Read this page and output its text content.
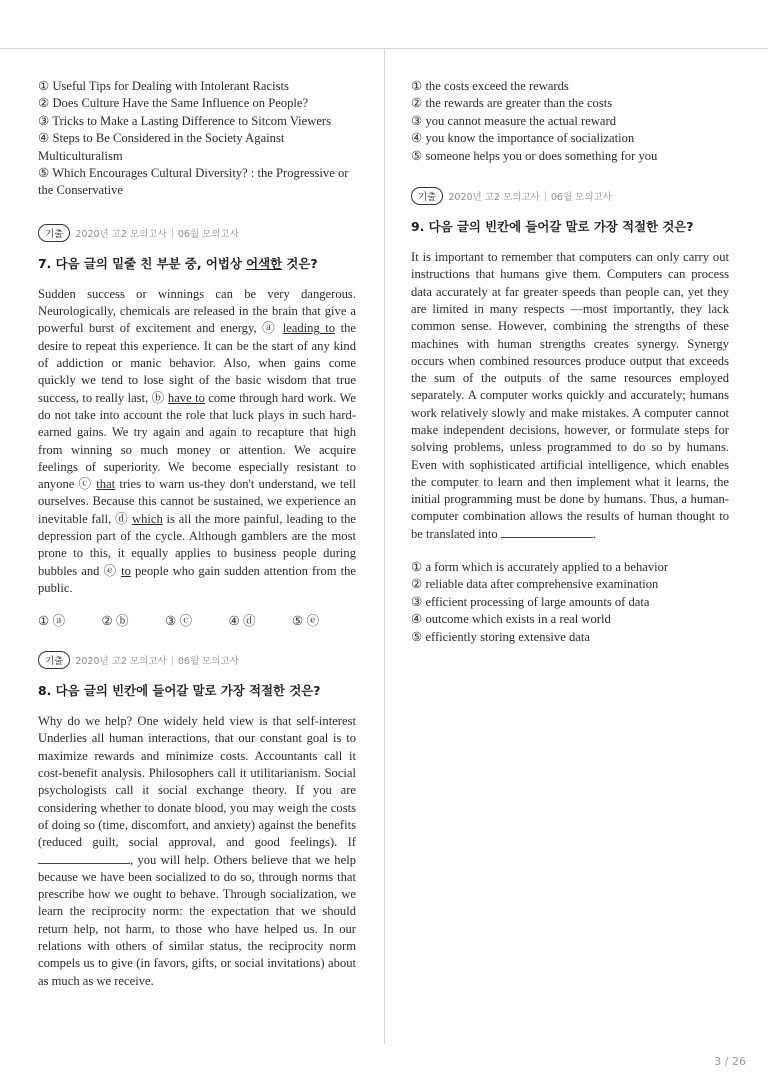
① Useful Tips for Dealing with Intolerant Racists

② Does Culture Have the Same Influence on People?

③ Tricks to Make a Lasting Difference to Sitcom Viewers

④ Steps to Be Considered in the Society Against Multiculturalism

⑤ Which Encourages Cultural Diversity? : the Progressive or the Conservative

기출	2020년 고2 모의고사 | 06월 모의고사
7. 다음 글의 밑줄 친 부분 중, 어법상 어색한 것은?

Sudden success or winnings can be very dangerous. Neurologically, chemicals are released in the brain that give a powerful burst of excitement and energy, ⓐ leading to the desire to repeat this experience. It can be the start of any kind of addiction or manic behavior. Also, when gains come quickly we tend to lose sight of the basic wisdom that true success, to really last, ⓑ have to come through hard work. We do not take into account the role that luck plays in such hard-earned gains. We try again and again to recapture that high from winning so much money or attention. We acquire feelings of superiority. We become especially resistant to anyone ⓒ that tries to warn us-they don't understand, we tell ourselves. Because this cannot be sustained, we experience an inevitable fall, ⓓ which is all the more painful, leading to the depression part of the cycle. Although gamblers are the most prone to this, it equally applies to business people during bubbles and ⓔ to people who gain sudden attention from the public.

① ⓐ	② ⓑ	③ ⓒ	④ ⓓ	⑤ ⓔ
기출	2020년 고2 모의고사 | 06월 모의고사
8. 다음 글의 빈칸에 들어갈 말로 가장 적절한 것은?

Why do we help? One widely held view is that self-interest Underlies all human interactions, that our constant goal is to maximize rewards and minimize costs. Accountants call it cost-benefit analysis. Philosophers call it utilitarianism. Social psychologists call it social exchange theory. If you are considering whether to donate blood, you may weigh the costs of doing so (time, discomfort, and anxiety) against the benefits (reduced guilt, social approval, and good feelings). If , you will help. Others believe that we help because we have been socialized to do so, through norms that prescribe how we ought to behave. Through socialization, we learn the reciprocity norm: the expectation that we should return help, not harm, to those who have helped us. In our relations with others of similar status, the reciprocity norm compels us to give (in favors, gifts, or social invitations) about as much as we receive.

① the costs exceed the rewards

② the rewards are greater than the costs

③ you cannot measure the actual reward

④ you know the importance of socialization

⑤ someone helps you or does something for you

기출	2020년 고2 모의고사 | 06월 모의고사
9. 다음 글의 빈칸에 들어갈 말로 가장 적절한 것은?

It is important to remember that computers can only carry out instructions that humans give them. Computers can process data accurately at far greater speeds than people can, yet they are limited in many respects —most importantly, they lack common sense. However, combining the strengths of these machines with human strengths creates synergy. Synergy occurs when combined resources produce output that exceeds the sum of the outputs of the same resources employed separately. A computer works quickly and accurately; humans work relatively slowly and make mistakes. A computer cannot make independent decisions, however, or formulate steps for solving problems, unless programmed to do so by humans. Even with sophisticated artificial intelligence, which enables the computer to learn and then implement what it learns, the initial programming must be done by humans. Thus, a human- computer combination allows the results of human thought to be translated into	.

① a form which is accurately applied to a behavior

② reliable data after comprehensive examination

③ efficient processing of large amounts of data

④ outcome which exists in a real world

⑤ efficiently storing extensive data

3 / 26
